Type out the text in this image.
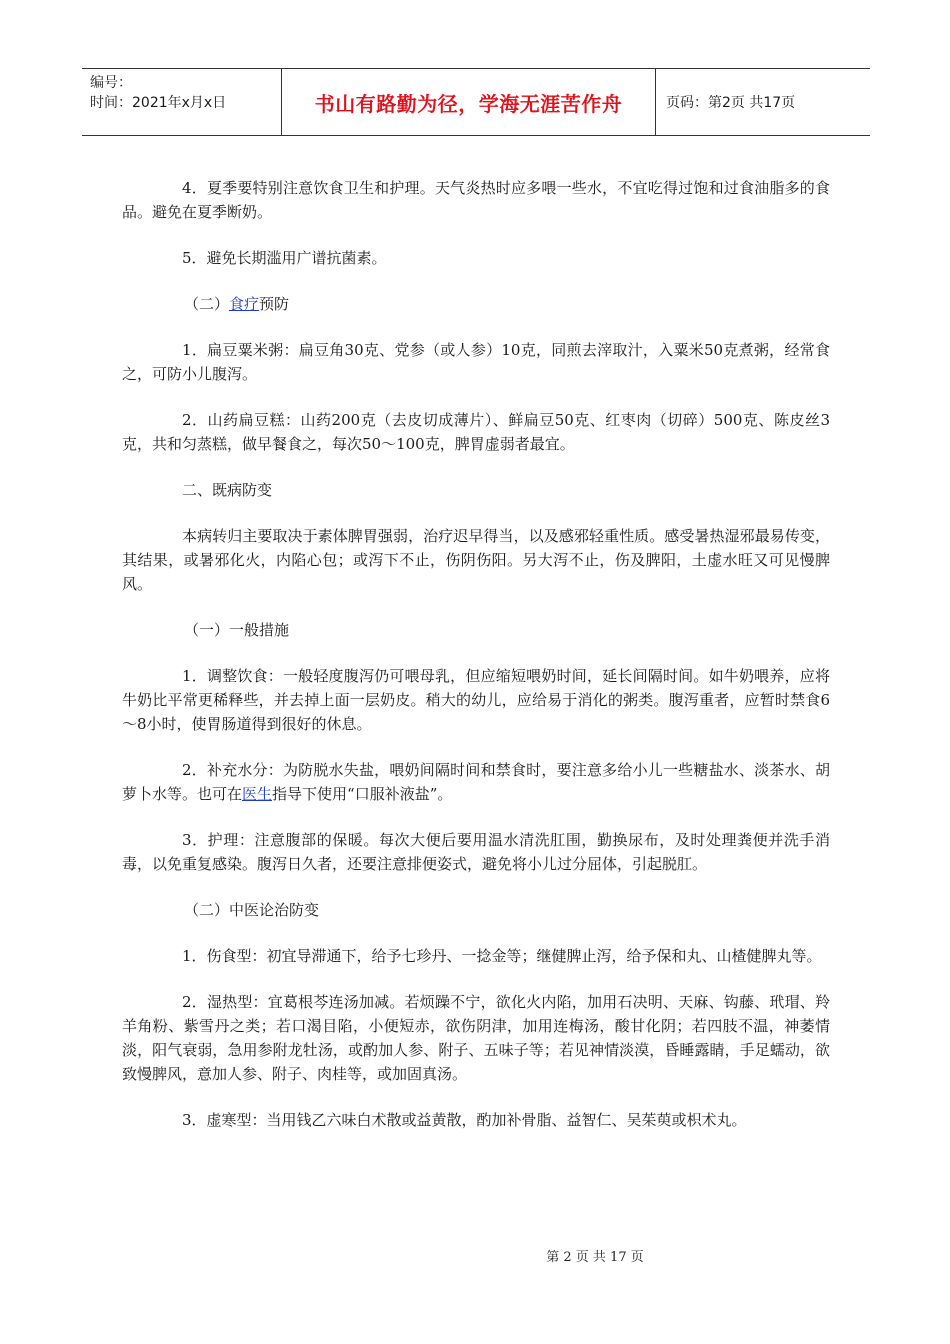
编号：
时间：2021年x月x日	书山有路勤为径，学海无涯苦作舟	页码：第2页 共17页

4．夏季要特别注意饮食卫生和护理。天气炎热时应多喂一些水，不宜吃得过饱和过食油脂多的食品。避免在夏季断奶。

5．避免长期滥用广谱抗菌素。

（二）食疗预防

1．扁豆粟米粥：扁豆角30克、党参（或人参）10克，同煎去滓取汁，入粟米50克煮粥，经常食之，可防小儿腹泻。

2．山药扁豆糕：山药200克（去皮切成薄片）、鲜扁豆50克、红枣肉（切碎）500克、陈皮丝3克，共和匀蒸糕，做早餐食之，每次50～100克，脾胃虚弱者最宜。

二、既病防变

本病转归主要取决于素体脾胃强弱，治疗迟早得当，以及感邪轻重性质。感受暑热湿邪最易传变，其结果，或暑邪化火，内陷心包；或泻下不止，伤阴伤阳。另大泻不止，伤及脾阳，土虚水旺又可见慢脾风。

（一）一般措施

1．调整饮食：一般轻度腹泻仍可喂母乳，但应缩短喂奶时间，延长间隔时间。如牛奶喂养，应将牛奶比平常更稀释些，并去掉上面一层奶皮。稍大的幼儿，应给易于消化的粥类。腹泻重者，应暂时禁食6～8小时，使胃肠道得到很好的休息。

2．补充水分：为防脱水失盐，喂奶间隔时间和禁食时，要注意多给小儿一些糖盐水、淡茶水、胡萝卜水等。也可在医生指导下使用“口服补液盐”。

3．护理：注意腹部的保暖。每次大便后要用温水清洗肛围，勤换尿布，及时处理粪便并洗手消毒，以免重复感染。腹泻日久者，还要注意排便姿式，避免将小儿过分屈体，引起脱肛。

（二）中医论治防变

1．伤食型：初宜导滞通下，给予七珍丹、一捻金等；继健脾止泻，给予保和丸、山楂健脾丸等。

2．湿热型：宜葛根芩连汤加减。若烦躁不宁，欲化火内陷，加用石决明、天麻、钩藤、玳瑁、羚羊角粉、紫雪丹之类；若口渴目陷，小便短赤，欲伤阴津，加用连梅汤，酸甘化阴；若四肢不温，神萎情淡，阳气衰弱，急用参附龙牡汤，或酌加人参、附子、五味子等；若见神情淡漠，昏睡露睛，手足蠕动，欲致慢脾风，意加人参、附子、肉桂等，或加固真汤。

3．虚寒型：当用钱乙六味白术散或益黄散，酌加补骨脂、益智仁、吴茱萸或枳术丸。

第 2 页 共 17 页
